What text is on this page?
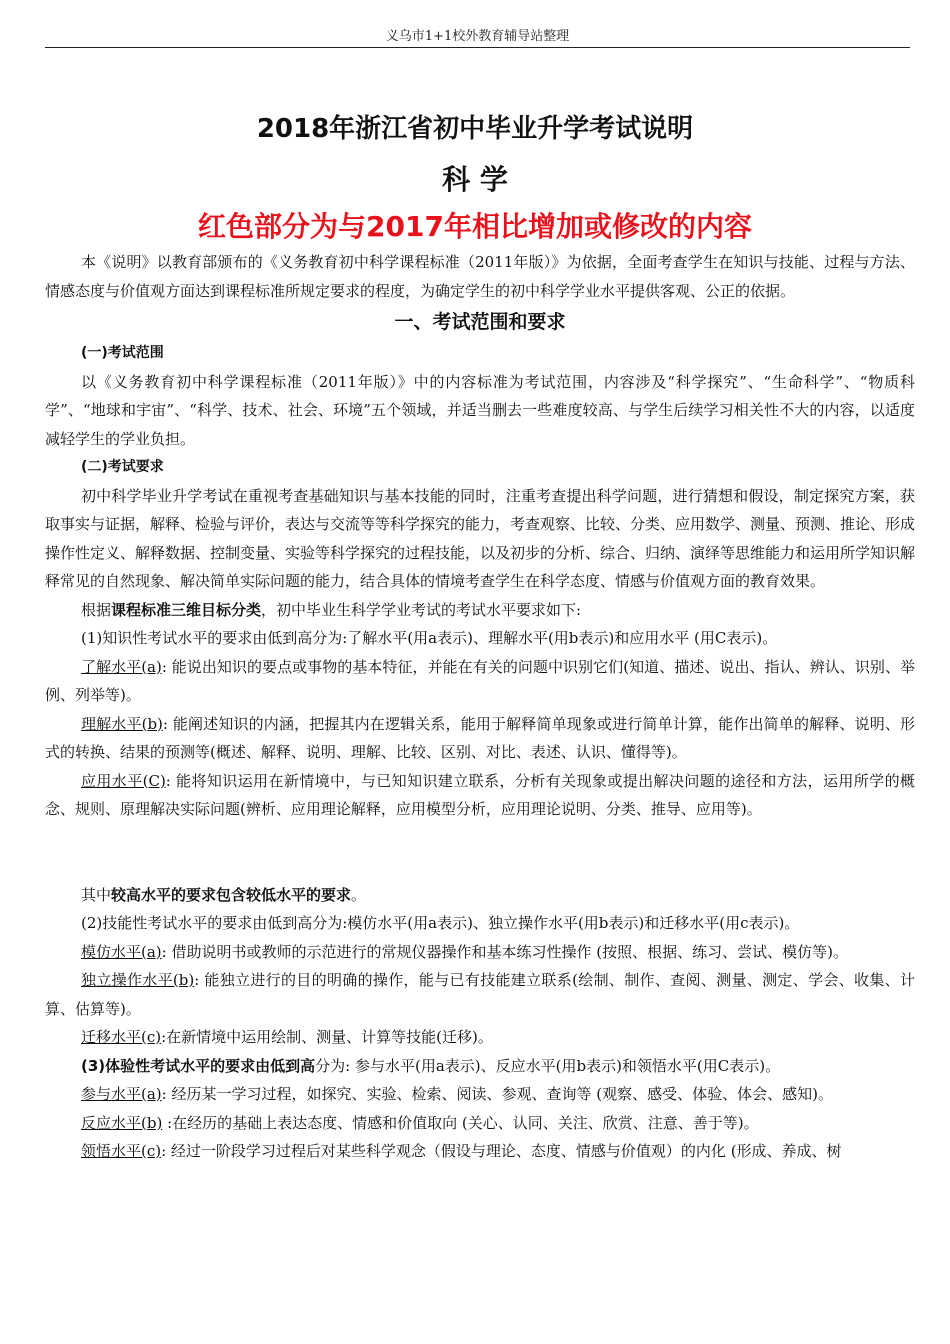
义乌市1+1校外教育辅导站整理
2018年浙江省初中毕业升学考试说明
科 学
红色部分为与2017年相比增加或修改的内容

本《说明》以教育部颁布的《义务教育初中科学课程标准（2011年版）》为依据，全面考查学生在知识与技能、过程与方法、情感态度与价值观方面达到课程标准所规定要求的程度，为确定学生的初中科学学业水平提供客观、公正的依据。

一、考试范围和要求
(一)考试范围

以《义务教育初中科学课程标准（2011年版）》中的内容标准为考试范围，内容涉及“科学探究”、“生命科学”、“物质科学”、“地球和宇宙”、“科学、技术、社会、环境”五个领域，并适当删去一些难度较高、与学生后续学习相关性不大的内容，以适度减轻学生的学业负担。

(二)考试要求

初中科学毕业升学考试在重视考查基础知识与基本技能的同时，注重考查提出科学问题，进行猜想和假设，制定探究方案，获取事实与证据，解释、检验与评价，表达与交流等等科学探究的能力，考查观察、比较、分类、应用数学、测量、预测、推论、形成操作性定义、解释数据、控制变量、实验等科学探究的过程技能，以及初步的分析、综合、归纳、演绎等思维能力和运用所学知识解释常见的自然现象、解决简单实际问题的能力，结合具体的情境考查学生在科学态度、情感与价值观方面的教育效果。

根据课程标准三维目标分类，初中毕业生科学学业考试的考试水平要求如下:

(1)知识性考试水平的要求由低到高分为:了解水平(用a表示)、理解水平(用b表示)和应用水平 (用C表示)。

了解水平(a): 能说出知识的要点或事物的基本特征，并能在有关的问题中识别它们(知道、描述、说出、指认、辨认、识别、举例、列举等)。

理解水平(b): 能阐述知识的内涵，把握其内在逻辑关系，能用于解释简单现象或进行简单计算，能作出简单的解释、说明、形式的转换、结果的预测等(概述、解释、说明、理解、比较、区别、对比、表述、认识、懂得等)。

应用水平(C): 能将知识运用在新情境中，与已知知识建立联系，分析有关现象或提出解决问题的途径和方法，运用所学的概念、规则、原理解决实际问题(辨析、应用理论解释，应用模型分析，应用理论说明、分类、推导、应用等)。

其中较高水平的要求包含较低水平的要求。

(2)技能性考试水平的要求由低到高分为:模仿水平(用a表示)、独立操作水平(用b表示)和迁移水平(用c表示)。

模仿水平(a): 借助说明书或教师的示范进行的常规仪器操作和基本练习性操作 (按照、根据、练习、尝试、模仿等)。

独立操作水平(b): 能独立进行的目的明确的操作，能与已有技能建立联系(绘制、制作、查阅、测量、测定、学会、收集、计算、估算等)。

迁移水平(c):在新情境中运用绘制、测量、计算等技能(迁移)。

(3)体验性考试水平的要求由低到高分为: 参与水平(用a表示)、反应水平(用b表示)和领悟水平(用C表示)。

参与水平(a): 经历某一学习过程，如探究、实验、检索、阅读、参观、查询等 (观察、感受、体验、体会、感知)。

反应水平(b) :在经历的基础上表达态度、情感和价值取向 (关心、认同、关注、欣赏、注意、善于等)。

领悟水平(c): 经过一阶段学习过程后对某些科学观念（假设与理论、态度、情感与价值观）的内化 (形成、养成、树
